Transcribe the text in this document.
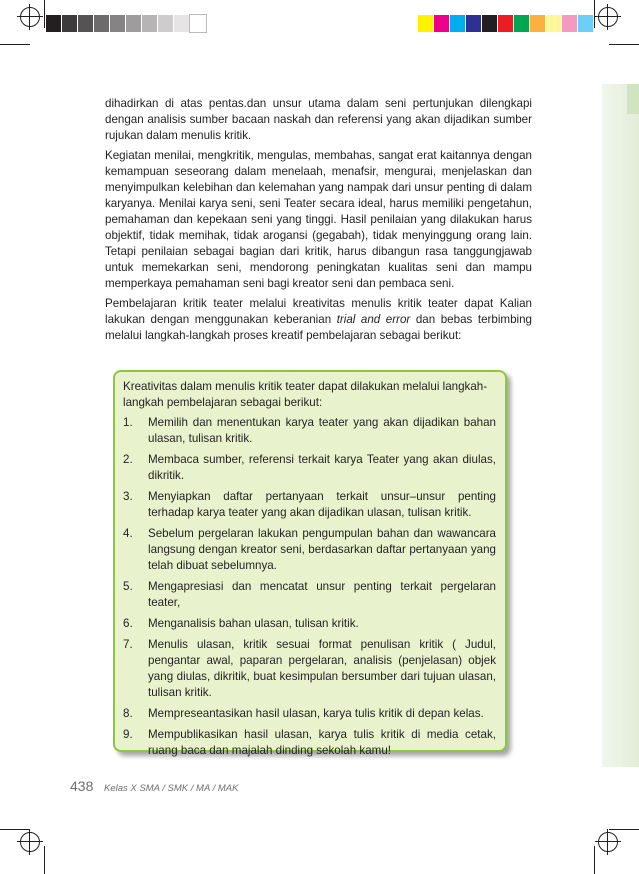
dihadirkan di atas pentas.dan unsur utama dalam seni pertunjukan dilengkapi dengan analisis sumber bacaan naskah dan referensi yang akan dijadikan sumber rujukan dalam menulis kritik.

Kegiatan menilai, mengkritik, mengulas, membahas, sangat erat kaitannya dengan kemampuan seseorang dalam menelaah, menafsir, mengurai, menjelaskan dan menyimpulkan kelebihan dan kelemahan yang nampak dari unsur penting di dalam karyanya. Menilai karya seni, seni Teater secara ideal, harus memiliki pengetahun, pemahaman dan kepekaan seni yang tinggi. Hasil penilaian yang dilakukan harus objektif, tidak memihak, tidak arogansi (gegabah), tidak menyinggung orang lain. Tetapi penilaian sebagai bagian dari kritik, harus dibangun rasa tanggungjawab untuk memekarkan seni, mendorong peningkatan kualitas seni dan mampu memperkaya pemahaman seni bagi kreator seni dan pembaca seni.

Pembelajaran kritik teater melalui kreativitas menulis kritik teater dapat Kalian lakukan dengan menggunakan keberanian trial and error dan bebas terbimbing melalui langkah-langkah proses kreatif pembelajaran sebagai berikut:

Kreativitas dalam menulis kritik teater dapat dilakukan melalui langkah-langkah pembelajaran sebagai berikut:

1.	Memilih dan menentukan karya teater yang akan dijadikan bahan ulasan, tulisan kritik.
2.	Membaca sumber, referensi terkait karya Teater yang akan diulas, dikritik.
3.	Menyiapkan daftar pertanyaan terkait unsur–unsur penting terhadap karya teater yang akan dijadikan ulasan, tulisan kritik.
4.	Sebelum pergelaran lakukan pengumpulan bahan dan wawancara langsung dengan kreator seni, berdasarkan daftar pertanyaan yang telah dibuat sebelumnya.
5.	Mengapresiasi dan mencatat unsur penting terkait pergelaran teater,
6.	Menganalisis bahan ulasan, tulisan kritik.
7.	Menulis ulasan, kritik sesuai format penulisan kritik ( Judul, pengantar awal, paparan pergelaran, analisis (penjelasan) objek yang diulas, dikritik, buat kesimpulan bersumber dari tujuan ulasan, tulisan kritik.
8.	Mempreseantasikan hasil ulasan, karya tulis kritik di depan kelas.
9.	Mempublikasikan hasil ulasan, karya tulis kritik di media cetak, ruang baca dan majalah dinding sekolah kamu!
438	Kelas X SMA / SMK / MA / MAK
